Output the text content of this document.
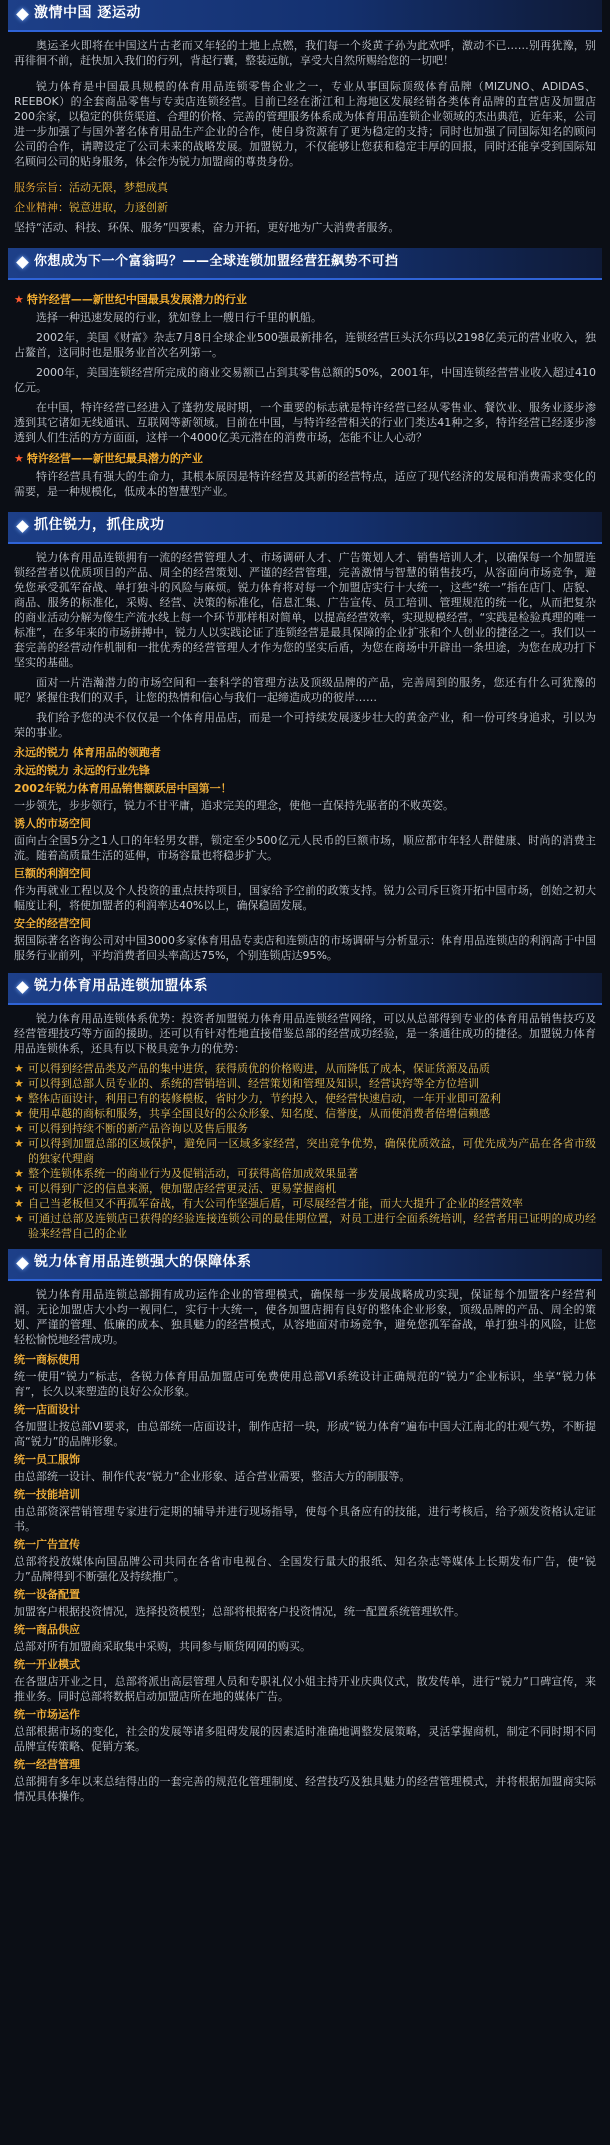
激情中国 逐运动

奥运圣火即将在中国这片古老而又年轻的土地上点燃，我们每一个炎黄子孙为此欢呼，激动不已……别再犹豫，别再徘徊不前，赶快加入我们的行列，背起行囊，整装远航，享受大自然所赐给您的一切吧！

锐力体育是中国最具规模的体育用品连锁零售企业之一，专业从事国际顶级体育品牌（MIZUNO、ADIDAS、REEBOK）的全套商品零售与专卖店连锁经营。目前已经在浙江和上海地区发展经销各类体育品牌的直营店及加盟店200余家，以稳定的供货渠道、合理的价格、完善的管理服务体系成为体育用品连锁企业领域的杰出典范，近年来，公司进一步加强了与国外著名体育用品生产企业的合作，使自身资源有了更为稳定的支持；同时也加强了同国际知名的顾问公司的合作，请聘设定了公司未来的战略发展。加盟锐力，不仅能够让您获和稳定丰厚的回报，同时还能享受到国际知名顾问公司的贴身服务，体会作为锐力加盟商的尊贵身份。

服务宗旨：活动无限，梦想成真

企业精神：锐意进取，力逐创新

坚持“活动、科技、环保、服务”四要素，奋力开拓，更好地为广大消费者服务。

你想成为下一个富翁吗？——全球连锁加盟经营狂飙势不可挡

★ 特许经营——新世纪中国最具发展潜力的行业

选择一种迅速发展的行业，犹如登上一艘日行千里的帆船。

2002年，美国《财富》杂志7月8日全球企业500强最新排名，连锁经营巨头沃尔玛以2198亿美元的营业收入，独占鳌首，这同时也是服务业首次名列第一。

2000年，美国连锁经营所完成的商业交易额已占到其零售总额的50%，2001年，中国连锁经营营业收入超过410亿元。

在中国，特许经营已经进入了蓬勃发展时期，一个重要的标志就是特许经营已经从零售业、餐饮业、服务业逐步渗透到其它诸如无线通讯、互联网等新领域。目前在中国，与特许经营相关的行业门类达41种之多，特许经营已经逐步渗透到人们生活的方方面面，这样一个4000亿美元潜在的消费市场，怎能不让人心动？

★ 特许经营——新世纪最具潜力的产业

特许经营具有强大的生命力，其根本原因是特许经营及其新的经营特点，适应了现代经济的发展和消费需求变化的需要，是一种规模化，低成本的智慧型产业。

抓住锐力，抓住成功

锐力体育用品连锁拥有一流的经营管理人才、市场调研人才、广告策划人才、销售培训人才，以确保每一个加盟连锁经营者以优质项目的产品、周全的经营策划、严谨的经营管理，完善激情与智慧的销售技巧，从容面向市场竞争，避免您承受孤军奋战、单打独斗的风险与麻烦。锐力体育将对每一个加盟店实行十大统一，这些“统一”指在店门、店貌、商品、服务的标准化，采购、经营、决策的标准化，信息汇集、广告宣传、员工培训、管理规范的统一化，从而把复杂的商业活动分解为像生产流水线上每一个环节那样相对简单，以提高经营效率，实现规模经营。“实践是检验真理的唯一标准”，在多年来的市场拼搏中，锐力人以实践论证了连锁经营是最具保障的企业扩张和个人创业的捷径之一。我们以一套完善的经营动作机制和一批优秀的经营管理人才作为您的坚实后盾，为您在商场中开辟出一条坦途，为您在成功打下坚实的基础。

面对一片浩瀚潜力的市场空间和一套科学的管理方法及顶级品牌的产品，完善周到的服务，您还有什么可犹豫的呢？紧握住我们的双手，让您的热情和信心与我们一起缔造成功的彼岸……

我们给予您的决不仅仅是一个体育用品店，而是一个可持续发展逐步壮大的黄金产业，和一份可终身追求，引以为荣的事业。

永远的锐力 体育用品的领跑者

永远的锐力 永远的行业先锋

2002年锐力体育用品销售额跃居中国第一！

一步领先，步步领行，锐力不甘平庸，追求完美的理念，使他一直保持先驱者的不败英姿。

诱人的市场空间

面向占全国5分之1人口的年轻男女群，锁定至少500亿元人民币的巨额市场，顺应都市年轻人群健康、时尚的消费主流。随着高质量生活的延伸，市场容量也将稳步扩大。

巨额的利润空间

作为再就业工程以及个人投资的重点扶持项目，国家给予空前的政策支持。锐力公司斥巨资开拓中国市场，创始之初大幅度让利，将使加盟者的利润率达40%以上，确保稳固发展。

安全的经营空间

据国际著名咨询公司对中国3000多家体育用品专卖店和连锁店的市场调研与分析显示：体育用品连锁店的利润高于中国服务行业前列，平均消费者回头率高达75%，个别连锁店达95%。

锐力体育用品连锁加盟体系

锐力体育用品连锁体系优势：投资者加盟锐力体育用品连锁经营网络，可以从总部得到专业的体育用品销售技巧及经营管理技巧等方面的援助。还可以有针对性地直接借鉴总部的经营成功经验，是一条通往成功的捷径。加盟锐力体育用品连锁体系，还具有以下极具竞争力的优势：

★ 可以得到经营品类及产品的集中进货，获得质优的价格购进，从而降低了成本，保证货源及品质

★ 可以得到总部人员专业的、系统的营销培训、经营策划和管理及知识，经营诀窍等全方位培训

★ 整体店面设计，利用已有的装修模板，省时少力，节约投入，使经营快速启动，一年开业即可盈利

★ 使用卓越的商标和服务，共享全国良好的公众形象、知名度、信誉度，从而使消费者倍增信赖感

★ 可以得到持续不断的新产品咨询以及售后服务

★ 可以得到加盟总部的区域保护，避免同一区域多家经营，突出竞争优势，确保优质效益，可优先成为产品在各省市级的独家代理商

★ 整个连锁体系统一的商业行为及促销活动，可获得高倍加成效果显著

★ 可以得到广泛的信息来源，使加盟店经营更灵活、更易掌握商机

★ 自己当老板但又不再孤军奋战，有大公司作坚强后盾，可尽展经营才能，而大大提升了企业的经营效率

★ 可通过总部及连锁店已获得的经验连接连锁公司的最佳期位置，对员工进行全面系统培训，经营者用已证明的成功经验来经营自己的企业

锐力体育用品连锁强大的保障体系

锐力体育用品连锁总部拥有成功运作企业的管理模式，确保每一步发展战略成功实现，保证每个加盟客户经营利润。无论加盟店大小均一视同仁，实行十大统一，使各加盟店拥有良好的整体企业形象，顶级品牌的产品、周全的策划、严谨的管理、低廉的成本、独具魅力的经营模式，从容地面对市场竞争，避免您孤军奋战，单打独斗的风险，让您轻松愉悦地经营成功。

统一商标使用

统一使用“锐力”标志，各锐力体育用品加盟店可免费使用总部VI系统设计正确规范的“锐力”企业标识，坐享“锐力体育”，长久以来塑造的良好公众形象。

统一店面设计

各加盟让按总部VI要求，由总部统一店面设计，制作店招一块，形成“锐力体育”遍布中国大江南北的壮观气势，不断提高“锐力”的品牌形象。

统一员工服饰

由总部统一设计、制作代表“锐力”企业形象、适合营业需要，整洁大方的制服等。

统一技能培训

由总部资深营销管理专家进行定期的辅导并进行现场指导，使每个具备应有的技能，进行考核后，给予颁发资格认定证书。

统一广告宣传

总部将投放媒体向国品牌公司共同在各省市电视台、全国发行量大的报纸、知名杂志等媒体上长期发布广告，使“锐力”品牌得到不断强化及持续推广。

统一设备配置

加盟客户根据投资情况，选择投资模型；总部将根据客户投资情况，统一配置系统管理软件。

统一商品供应

总部对所有加盟商采取集中采购，共同参与顺货网网的购买。

统一开业模式

在各盟店开业之日，总部将派出高层管理人员和专职礼仪小姐主持开业庆典仪式，散发传单，进行“锐力”口碑宣传，来推业务。同时总部将数据启动加盟店所在地的媒体广告。

统一市场运作

总部根据市场的变化，社会的发展等诸多阻碍发展的因素适时准确地调整发展策略，灵活掌握商机，制定不同时期不同品牌宣传策略、促销方案。

统一经营管理

总部拥有多年以来总结得出的一套完善的规范化管理制度、经营技巧及独具魅力的经营管理模式，并将根据加盟商实际情况具体操作。
